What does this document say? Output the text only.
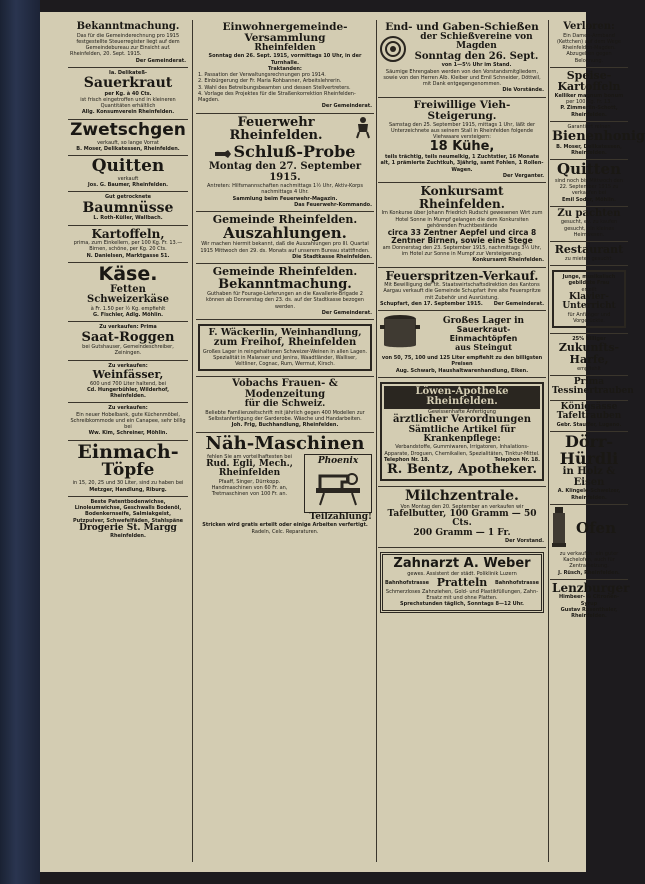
Bekanntmachung.
Das für die Gemeinderechnung pro 1915 festgestellte Steuerregister liegt auf dem Gemeindebureau zur Einsicht auf.
Rheinfelden, 20. Sept. 1915.
Der Gemeinderat.
Ia. Delikateß-
Sauerkraut
per Kg. à 40 Cts.
ist frisch eingetroffen und in kleineren Quantitäten erhältlich
Allg. Konsumverein Rheinfelden.
Zwetschgen
verkauft, so lange Vorrat
B. Moser, Delikatessen, Rheinfelden.
Quitten
verkauft
Jos. G. Baumer, Rheinfelden.
Gut getrocknete
Baumnüsse
L. Roth-Küller, Wallbach.
Kartoffeln,
prima, zum Einkellern, per 100 Kg. Fr. 13.— Birnen, schöne, per Kg. 20 Cts.
N. Danielsen, Marktgasse 51.
Käse.
Fetten Schweizerkäse
à Fr. 1.50 per ½ Kg. empfiehlt
G. Fischler, Adlg. Möhlin.
Zu verkaufen: Prima
Saat-Roggen
bei Gutshauser, Gemeindeschreiber, Zeiningen.
Zu verkaufen:
Weinfässer,
600 und 700 Liter haltend, bei
Cd. Hungerbühler, Wilderhof, Rheinfelden.
Zu verkaufen:
Ein neuer Hobelbank, gute Küchenmöbel, Schreibkommode und ein Canapee, sehr billig bei
Ww. Kim, Schreiner, Möhlin.
Einmach-
Töpfe
in 15, 20, 25 und 30 Liter, sind zu haben bei
Metzger, Handlung, Riburg.
Beste Patentbodenwichse, Linoleumwichse, Geschwalls Bodenöl, Bodenkernseife, Salmiakgeist, Putzpulver, Schwefelfäden, Stahlspäne
Drogerie St. Margg
Rheinfelden.
Einwohnergemeinde-Versammlung
Rheinfelden
Sonntag den 26. Sept. 1915, vormittags 10 Uhr, in der Turnhalle.
Traktanden:
1. Passation der Verwaltungsrechnungen pro 1914.
2. Einbürgerung der Fr. Maria Rohbanner, Arbeitslehrerin.
3. Wahl des Betreibungsbeamten und dessen Stellvertreters.
4. Vorlage des Projektes für die Straßenkorrektion Rheinfelden-Magden.
Der Gemeinderat.
Feuerwehr Rheinfelden.
Schluß-Probe
Montag den 27. September 1915.
Antreten: Hilfsmannschaften nachmittags 1½ Uhr, Aktiv-Korps nachmittags 4 Uhr.
Sammlung beim Feuerwehr-Magazin.
Das Feuerwehr-Kommando.
Gemeinde Rheinfelden.
Auszahlungen.
Wir machen hiermit bekannt, daß die Auszahlungen pro III. Quartal 1915 Mittwoch den 29. ds. Monats auf unserem Bureau stattfinden.
Die Stadtkasse Rheinfelden.
Gemeinde Rheinfelden.
Bekanntmachung.
Guthaben für Fourage-Lieferungen an die Kavallerie-Brigade 2 können ab Donnerstag den 23. ds. auf der Stadtkasse bezogen werden.
Der Gemeinderat.
F. Wäckerlin, Weinhandlung,
zum Freihof, Rheinfelden
Großes Lager in reingehaltenen Schweizer-Weinen in allen Lagen. Spezialität in Malanser und Jenins, Waadtländer, Walliser, Veltliner, Cognac, Rum, Wermut, Kirsch.
Vobachs Frauen- & Modenzeitung
für die Schweiz.
Beliebte Familienzeitschrift mit jährlich gegen 400 Modellen zur Selbstanfertigung der Garderobe. Wäsche und Handarbeiten.
Joh. Frig, Buchhandlung, Rheinfelden.
Näh-Maschinen
fehlen Sie am vorteilhaftesten bei
Rud. Egli, Mech., Rheinfelden
Pfaaff, Singer, Dürrkopp. Handmaschinen von 60 Fr. an, Tretmaschinen von 100 Fr. an.
Phoenix
Teilzahlung!
Stricken wird gratis erteilt oder einige Arbeiten verfertigt.
Radeln, Celc. Reparaturen.
End- und Gaben-Schießen
der Schießvereine von Magden
Sonntag den 26. Sept.
von 1—5½ Uhr im Stand.
Säumige Ehrengaben werden von den Vorstandsmitgliedern, sowie von den Herren Alb. Kleiber und Emil Schneider, Döttwil, mit Dank entgegengenommen.
Die Vorstände.
Freiwillige Vieh-Steigerung.
Samstag den 25. September 1915, mittags 1 Uhr, läßt der Unterzeichnete aus seinem Stall in Rheinfelden folgende Viehwaare versteigern:
18 Kühe,
teils trächtig, teils neumelkig, 1 Zuchtstier, 16 Monate alt, 1 prämierte Zuchtkuh, 3jährig, samt Fohlen, 1 Rollen-Wagen.
Der Verganter.
Konkursamt Rheinfelden.
Im Konkurse über Johann Friedrich Rudschi gewesenen Wirt zum Hotel Sonne in Mumpf gelangen die dem Konkursiten gehörenden Fruchtbestände
circa 33 Zentner Aepfel und circa 8 Zentner Birnen, sowie eine Stege
am Donnerstag den 23. September 1915, nachmittags 3½ Uhr, im Hotel zur Sonne in Mumpf zur Versteigerung.
Konkursamt Rheinfelden.
Feuerspritzen-Verkauf.
Mit Bewilligung der tit. Staatswirtschaftsdirektion des Kantons Aargau verkauft die Gemeinde Schupfart ihre alte Feuerspritze mit Zubehör und Ausrüstung.
Schupfart, den 17. September 1915. Der Gemeinderat.
Großes Lager in
Sauerkraut-Einmachtöpfen
aus Steingut
von 50, 75, 100 und 125 Liter empfiehlt zu den billigsten Preisen
Aug. Schwarb, Haushaltwarenhandlung, Eiken.
Löwen-Apotheke Rheinfelden.
Gewissenhafte Anfertigung
ärztlicher Verordnungen
Sämtliche Artikel für Krankenpflege:
Verbandstoffe, Gummiwaren, Irrigatoren, Inhalations-Apparate, Droguen, Chemikalien, Spezialitäten, Tinktur-Mittel.
Telephon Nr. 18.	Telephon Nr. 18.
R. Bentz, Apotheker.
Milchzentrale.
Von Montag den 20. September an verkaufen wir
Tafelbutter, 100 Gramm — 50 Cts.
200 Gramm — 1 Fr.
Der Vorstand.
Zahnarzt A. Weber
gewes. Assistent der städt. Poliklinik Luzern
Bahnhofstrasse Pratteln Bahnhofstrasse
Schmerzloses Zahnziehen, Gold- und Plastikfüllungen, Zahn-Ersatz mit und ohne Platten.
Sprechstunden täglich, Sonntags 8—12 Uhr.
Verloren:
Ein Damen-Armband (Kettchen) auf dem Wege Rheinfelden-Magden. Abzugeben gegen Belohnung.
Speise-Kartoffeln
Kelliker magnum bonum
per 100 Kg. Fr. 13.
P. Zimmerlin-Schott, Rheinfelden.
Garantiert reinen
Bienenhonig
B. Moser, Delikatessen, Rheinfelden.
Quitten
sind noch bis Mittwoch den 22. September 1915 zu verkaufen bei
Emil Soder, Möhlin.
Zu pachten
gesucht, ev. zu kaufen gesucht, ein kleines Heimwesen.
Restaurant
zu mieten gesucht.
Junge, musikalisch gebildete Frau
erteilt
Klavier-Unterricht
für Anfänger und Vorgerückte.
25% billiger
Zukunfts-Harfe,
empfiehlt
Prima Tessinertrauben
Königsässe Tafeltrauben
Gebr. Stauffer, Lugano.
Dörr-Hürdli
in Holz & Eisen
A. Klingele-Schweizer, Rheinfelden.
Ofen
zu verkaufen: ein guter Kachelofen, auch für Zentralheizung.
J. Rüsch, Rheinfelden.
Lenzburger
Himbeer- & Citronen-Syrup
Gustav Rosenthaler, Rheinfelden.
